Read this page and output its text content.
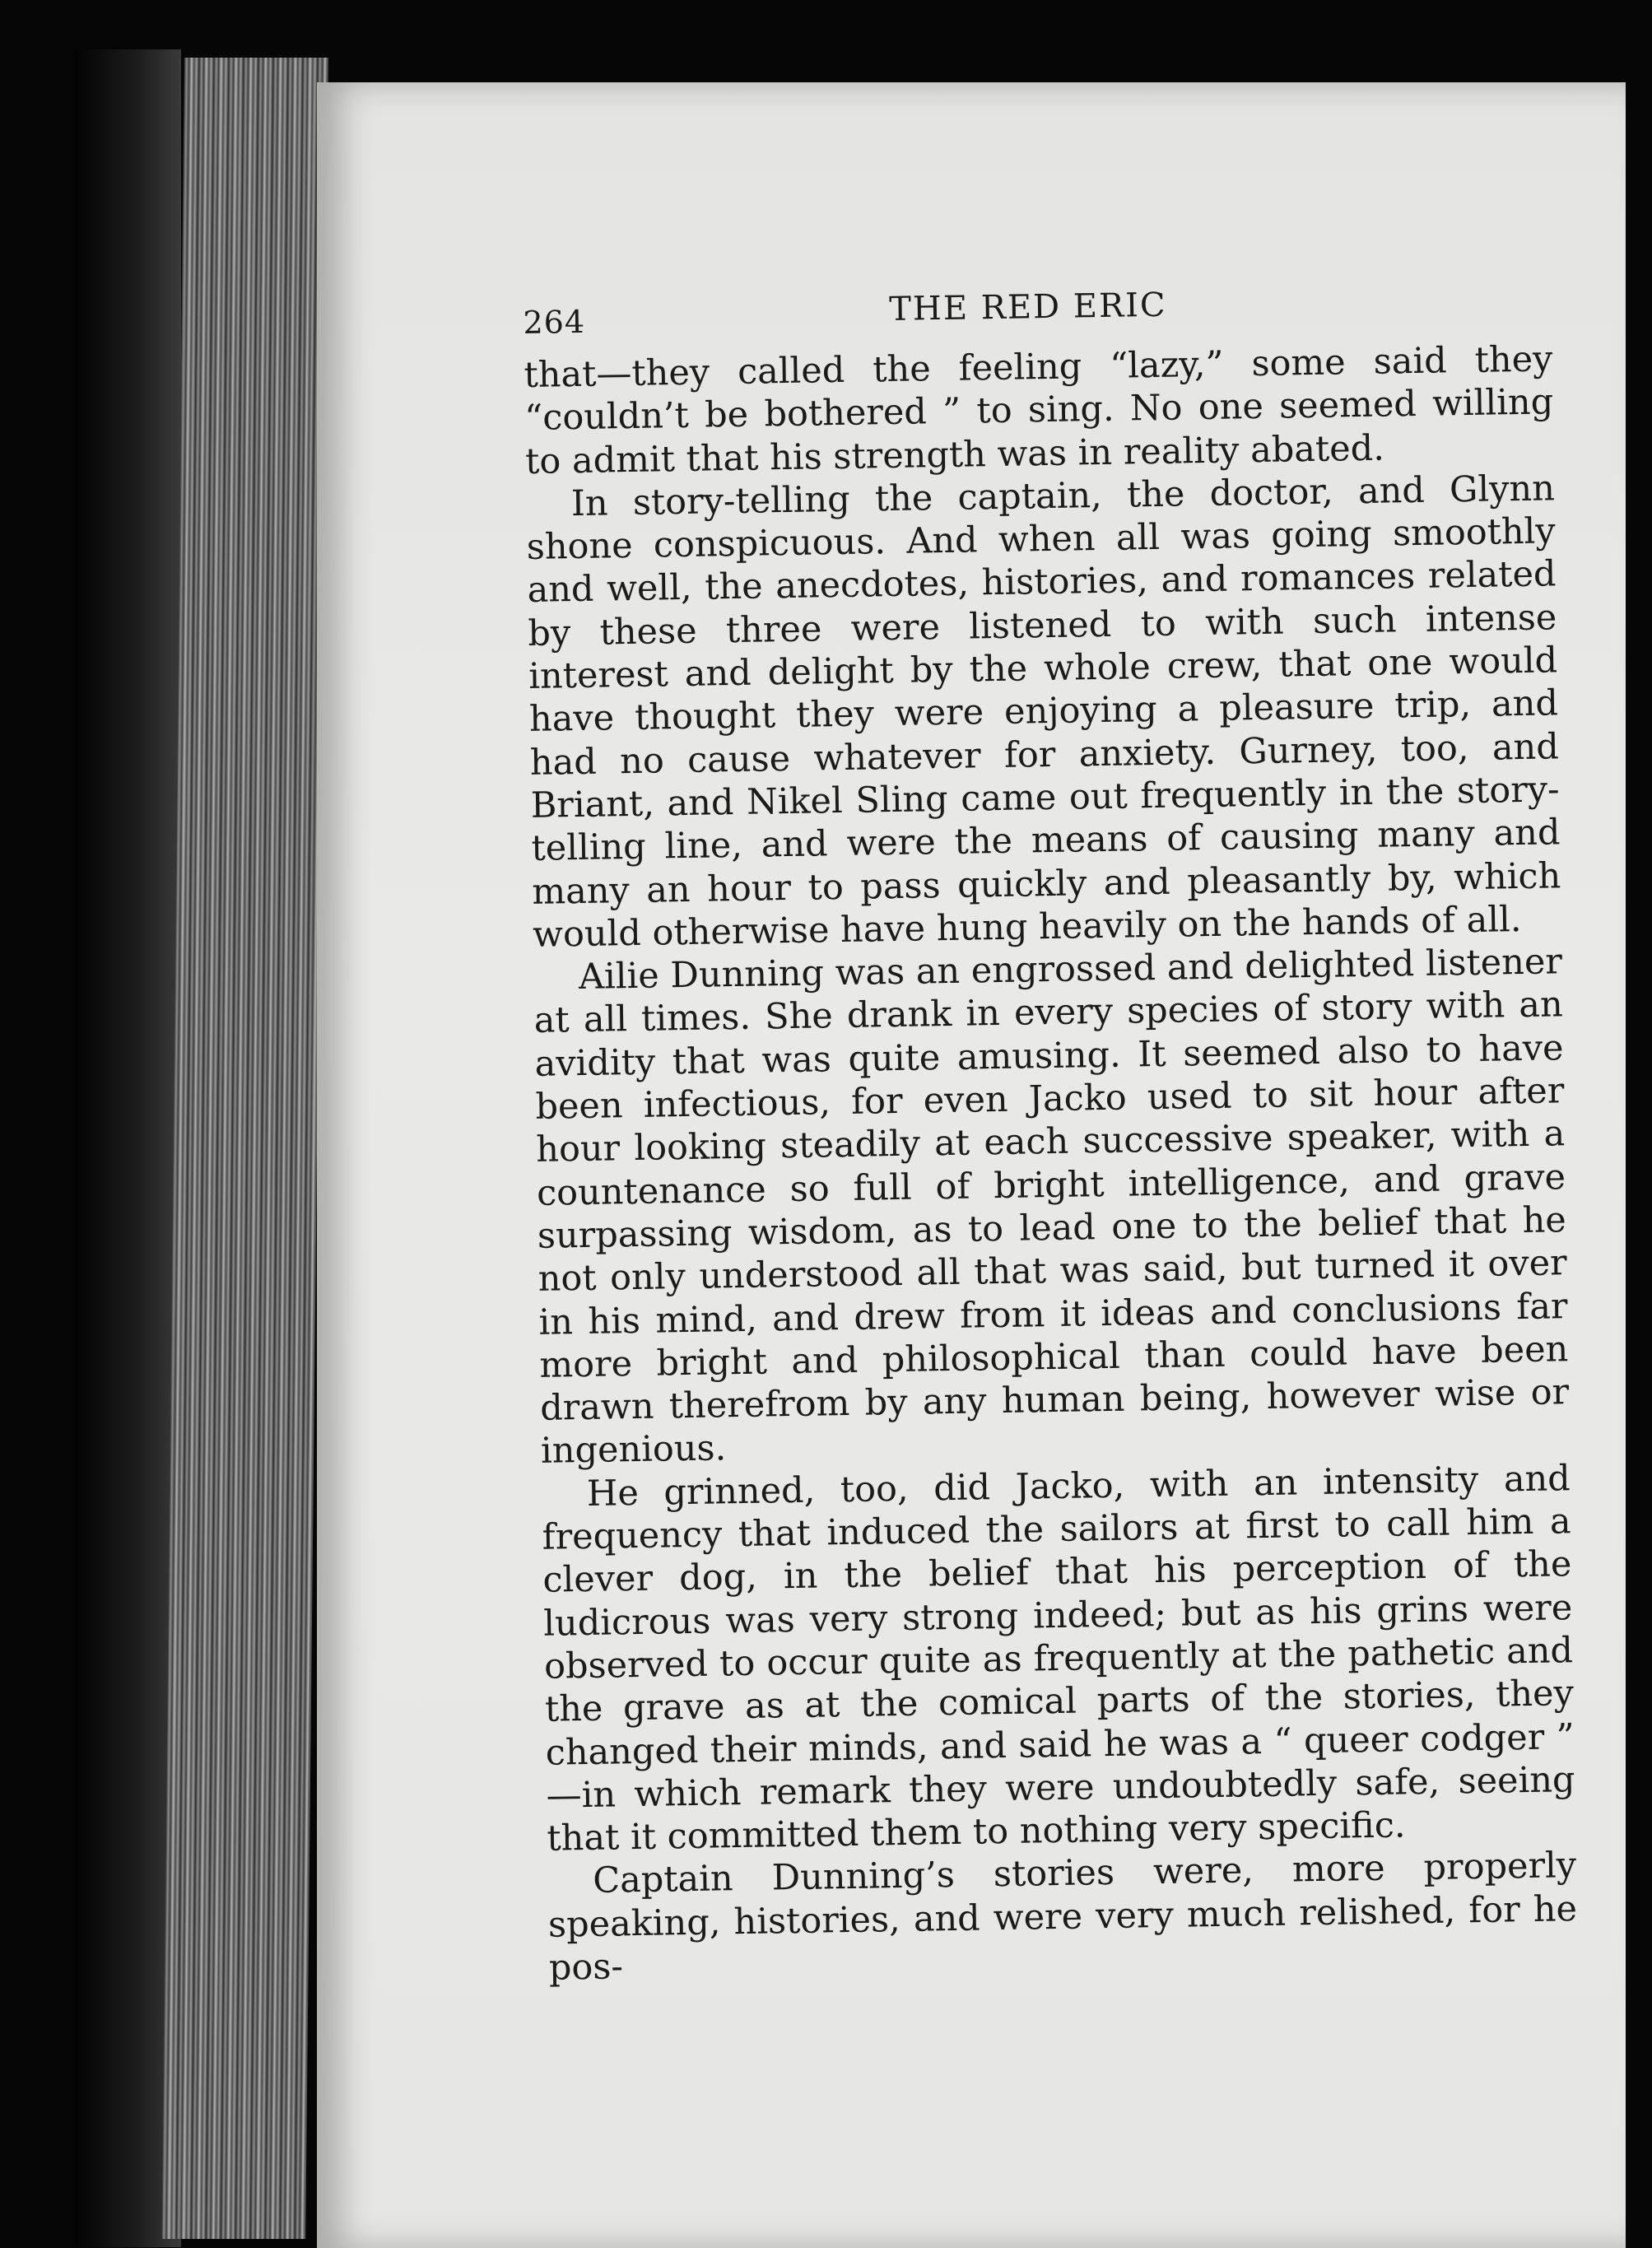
264	THE RED ERIC

that—they called the feeling “lazy,” some said they “couldn’t be bothered ” to sing. No one seemed willing to admit that his strength was in reality abated.

In story-telling the captain, the doctor, and Glynn shone conspicuous. And when all was going smoothly and well, the anecdotes, histories, and romances related by these three were listened to with such intense interest and delight by the whole crew, that one would have thought they were enjoying a pleasure trip, and had no cause whatever for anxiety. Gurney, too, and Briant, and Nikel Sling came out frequently in the story-telling line, and were the means of causing many and many an hour to pass quickly and pleasantly by, which would otherwise have hung heavily on the hands of all.

Ailie Dunning was an engrossed and delighted listener at all times. She drank in every species of story with an avidity that was quite amusing. It seemed also to have been infectious, for even Jacko used to sit hour after hour looking steadily at each successive speaker, with a countenance so full of bright intelligence, and grave surpassing wisdom, as to lead one to the belief that he not only understood all that was said, but turned it over in his mind, and drew from it ideas and conclusions far more bright and philosophical than could have been drawn therefrom by any human being, however wise or ingenious.

He grinned, too, did Jacko, with an intensity and frequency that induced the sailors at first to call him a clever dog, in the belief that his perception of the ludicrous was very strong indeed; but as his grins were observed to occur quite as frequently at the pathetic and the grave as at the comical parts of the stories, they changed their minds, and said he was a “ queer codger ” —in which remark they were undoubtedly safe, seeing that it committed them to nothing very specific.

Captain Dunning’s stories were, more properly speaking, histories, and were very much relished, for he pos-
